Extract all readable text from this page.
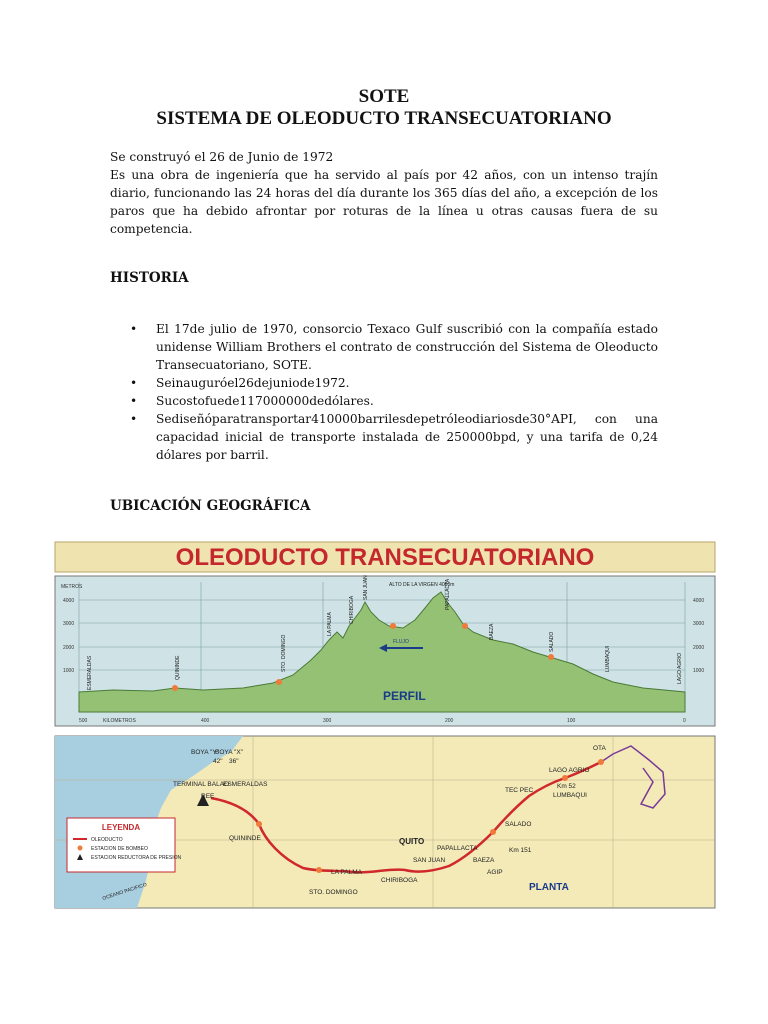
SOTE
SISTEMA DE OLEODUCTO TRANSECUATORIANO

Se construyó el 26 de Junio de 1972

Es una obra de ingeniería que ha servido al país por 42 años, con un intenso trajín diario, funcionando las 24 horas del día durante los 365 días del año, a excepción de los paros que ha debido afrontar por roturas de la línea u otras causas fuera de su competencia.

HISTORIA
• El 17de julio de 1970, consorcio Texaco Gulf suscribió con la compañía estado unidense William Brothers el contrato de construcción del Sistema de Oleoducto Transecuatoriano, SOTE.
• Seinaugurόel26dejuniode1972.
• Sucostofuede117000000dedólares.
• Sediseñóparatransportar410000barrilesdepetróleodiariosde30°API, con una capacidad inicial de transporte instalada de 250000bpd, y una tarifa de 0,24 dólares por barril.
UBICACIÓN GEOGRÁFICA
OLEODUCTO TRANSECUATORIANO
METROS
4000
3000
2000
1000
4000
3000
2000
1000
500	400	300	200	100	0
KILOMETROS
ESMERALDAS	QUININDE	STO. DOMINGO
LA PALMA
CHIRIBOGA
SAN JUAN	ALTO DE LA VIRGEN 4060m
PAPALLACTA
BAEZA	SALADO
LUMBAQUI	LAGO AGRIO
FLUJO
PERFIL
BOYA "Y"
BOYA "X"
42" 36"
TERMINAL BALAO
ESMERALDAS
REE
QUININDE
LA PALMA
STO. DOMINGO
QUITO
SAN JUAN
CHIRIBOGA
PAPALLACTA
BAEZA
AGIP
Km 151
SALADO
TEC PEC
Km 52
LUMBAQUI
LAGO AGRIO
OTA
PLANTA
OCEANO PACIFICO
LEYENDA
OLEODUCTO
ESTACION DE BOMBEO
ESTACION REDUCTORA DE PRESION
